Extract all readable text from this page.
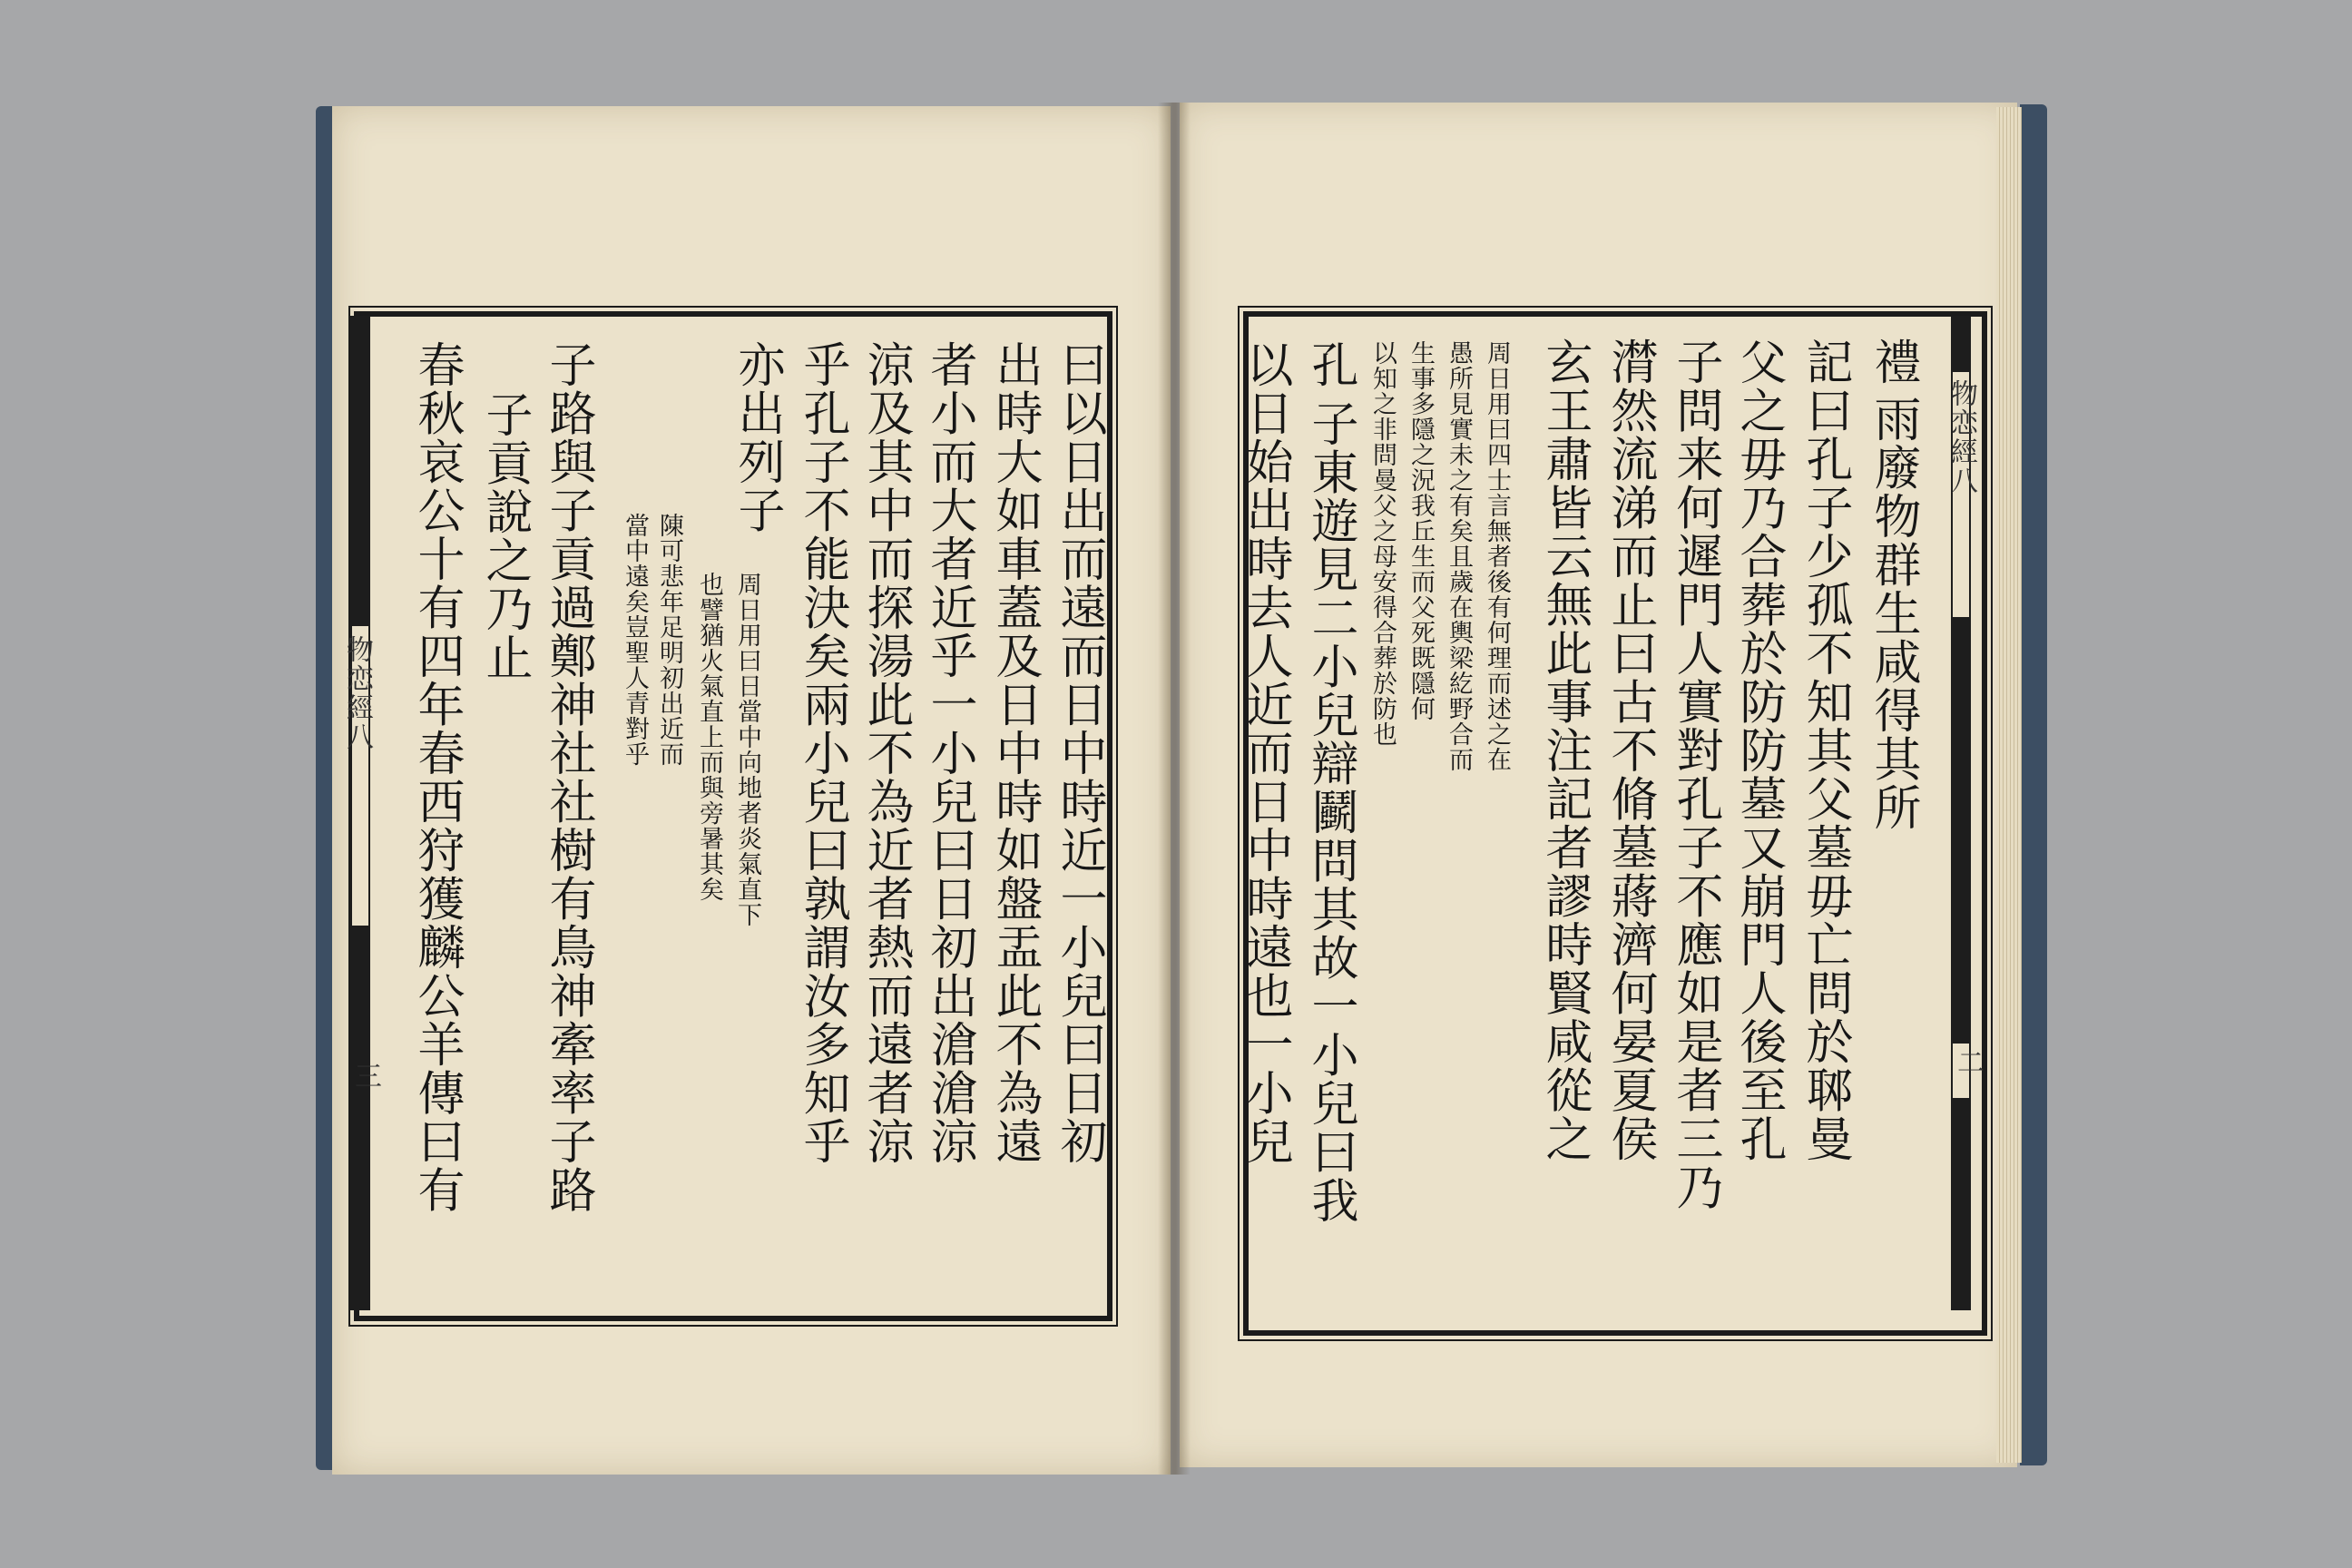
物恋經八
三
物恋經八
二
曰以日出而遠而日中時近一小兒曰日初
出時大如車蓋及日中時如盤盂此不為遠
者小而大者近乎一小兒曰日初出滄滄涼
涼及其中而探湯此不為近者熱而遠者涼
乎孔子不能決矣兩小兒曰孰謂汝多知乎
亦出列子
周日用曰日當中向地者炎氣直下
也譬猶火氣直上而與旁暑其矣
陳可悲年足明初出近而
當中遠矣豈聖人青對乎
子路與子貢過鄭神社社樹有鳥神牽率子路
子貢說之乃止
春秋哀公十有四年春西狩獲麟公羊傳曰有	禮
雨廢物群生咸得其所
記曰孔子少孤不知其父墓毋亡問於郰曼
父之毋乃合葬於防防墓又崩門人後至孔
子問来何遲門人實對孔子不應如是者三乃
潸然流涕而止曰古不脩墓蔣濟何晏夏侯
玄王肅皆云無此事注記者謬時賢咸從之
周日用曰四士言無者後有何理而述之在
愚所見實未之有矣且歲在輿梁紇野合而
生事多隱之況我丘生而父死既隱何
以知之非問曼父之母安得合葬於防也
孔
子東遊見二小兒辯鬬問其故一小兒曰我
以日始出時去人近而日中時遠也一小兒
